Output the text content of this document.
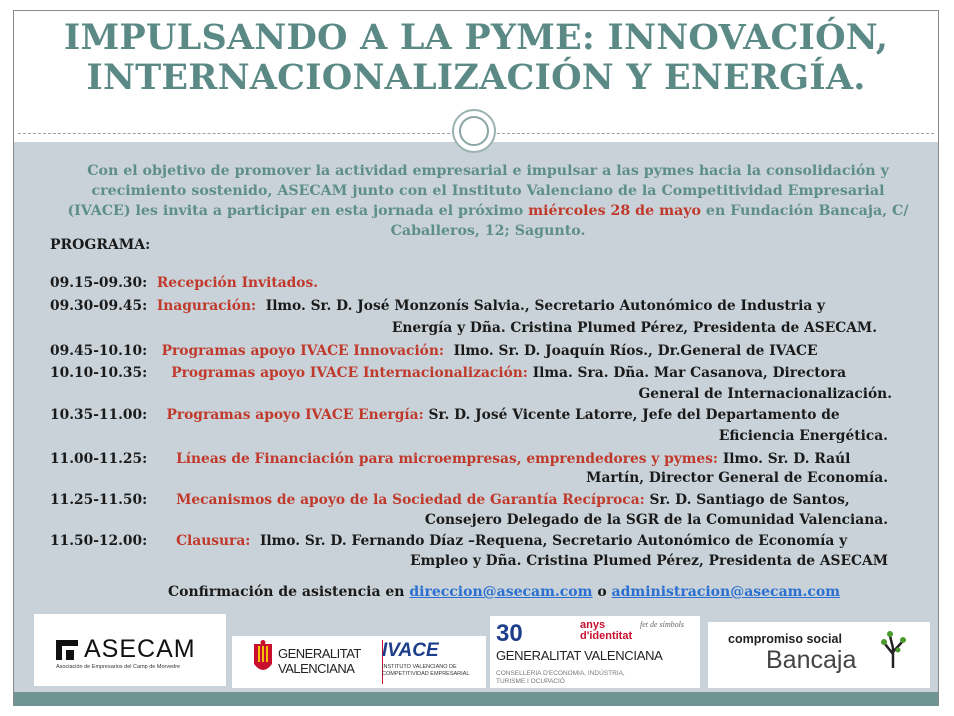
IMPULSANDO A LA PYME: INNOVACIÓN,
INTERNACIONALIZACIÓN Y ENERGÍA.
Con el objetivo de promover la actividad empresarial e impulsar a las pymes hacia la consolidación y crecimiento sostenido, ASECAM junto con el Instituto Valenciano de la Competitividad Empresarial (IVACE) les invita a participar en esta jornada el próximo miércoles 28 de mayo en Fundación Bancaja, C/ Caballeros, 12; Sagunto.
PROGRAMA:
09.15-09.30: Recepción Invitados.
09.30-09.45: Inaguración: Ilmo. Sr. D. José Monzonís Salvia., Secretario Autonómico de Industria y
Energía y Dña. Cristina Plumed Pérez, Presidenta de ASECAM.
09.45-10.10: Programas apoyo IVACE Innovación: Ilmo. Sr. D. Joaquín Ríos., Dr.General de IVACE
10.10-10.35: Programas apoyo IVACE Internacionalización: Ilma. Sra. Dña. Mar Casanova, Directora
General de Internacionalización.
10.35-11.00: Programas apoyo IVACE Energía: Sr. D. José Vicente Latorre, Jefe del Departamento de
Eficiencia Energética.
11.00-11.25: Líneas de Financiación para microempresas, emprendedores y pymes: Ilmo. Sr. D. Raúl
Martín, Director General de Economía.
11.25-11.50: Mecanismos de apoyo de la Sociedad de Garantía Recíproca: Sr. D. Santiago de Santos,
Consejero Delegado de la SGR de la Comunidad Valenciana.
11.50-12.00: Clausura: Ilmo. Sr. D. Fernando Díaz –Requena, Secretario Autonómico de Economía y
Empleo y Dña. Cristina Plumed Pérez, Presidenta de ASECAM
Confirmación de asistencia en direccion@asecam.com o administracion@asecam.com
ASECAM
Asociación de Empresarios del Camp de Morvedre
GENERALITAT
VALENCIANA
IVACE
INSTITUTO VALENCIANO DE
COMPETITIVIDAD EMPRESARIAL
30	anys
d'identitat
fet de símbols
GENERALITAT VALENCIANA
CONSELLERIA D'ECONOMIA, INDÚSTRIA,
TURISME I OCUPACIÓ
compromiso social
Bancaja
